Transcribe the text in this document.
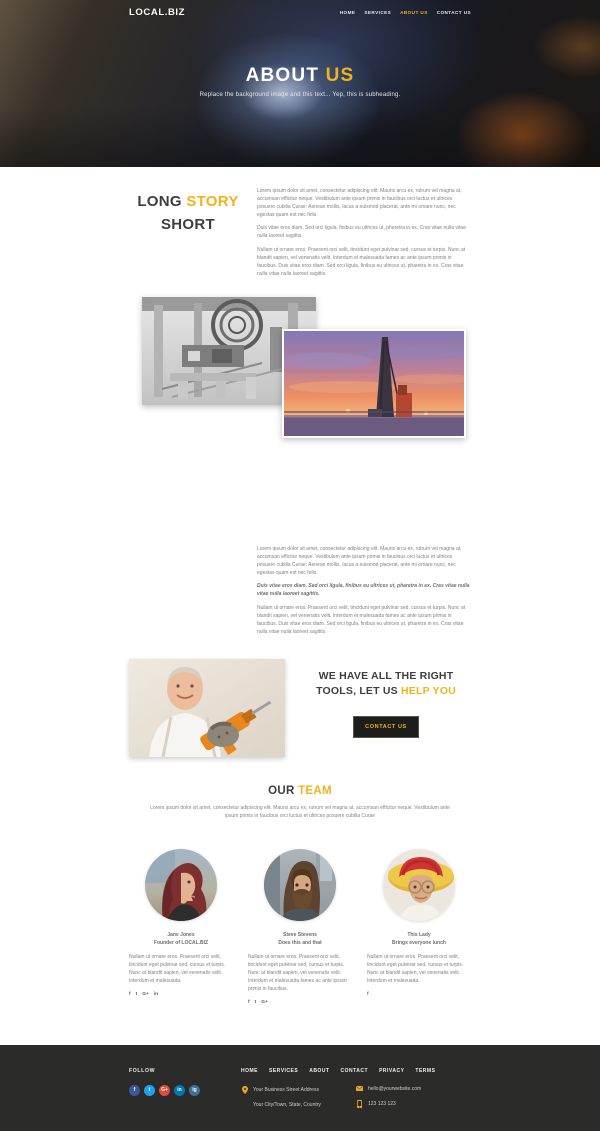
LOCAL.BIZ	HOME SERVICES ABOUT US CONTACT US
ABOUT US
Replace the background image and this text... Yep, this is subheading.
LONG STORY
SHORT

Lorem ipsum dolor sit amet, consectetur adipiscing elit. Mauris arcu ex, rutrum vel magna at, accumsan efficitur neque. Vestibulum ante ipsum primis in faucibus orci luctus et ultrices posuere cubilia Curae; Aenean mollis, lacus a euismod placerat, ante mi ornare nunc, nec egestas quam est nec felis.

Duis vitae eros diam. Sed orci ligula, finibus eu ultrices ut, pharetra in ex. Cras vitae nulla vitae nulla laoreet sagittis.

Nullam ut ornare eros. Praesent orci velit, tincidunt eget pulvinar sed, cursus et turpis. Nunc at blandit sapien, vel venenatis velit. Interdum et malesuada fames ac ante ipsum primis in faucibus. Duis vitae eros diam. Sed orci ligula, finibus eu ultrices ut, pharetra in ex. Cras vitae nulla vitae nulla laoreet sagittis.

Lorem ipsum dolor sit amet, consectetur adipiscing elit. Mauris arcu ex, rutrum vel magna at, accumsan efficitur neque. Vestibulum ante ipsum primis in faucibus orci luctus et ultrices posuere cubilia Curae; Aenean mollis, lacus a euismod placerat, ante mi ornare nunc, nec egestas quam est nec felis.

Duis vitae eros diam. Sed orci ligula, finibus eu ultrices ut, pharetra in ex. Cras vitae nulla vitae nulla laoreet sagittis.

Nullam ut ornare eros. Praesent orci velit, tincidunt eget pulvinar sed, cursus et turpis. Nunc at blandit sapien, vel venenatis velit. Interdum et malesuada fames ac ante ipsum primis in faucibus. Duis vitae eros diam. Sed orci ligula, finibus eu ultrices ut, pharetra in ex. Cras vitae nulla vitae nulla laoreet sagittis.

WE HAVE ALL THE RIGHT TOOLS, LET US HELP YOU
CONTACT US
OUR TEAM

Lorem ipsum dolor sit amet, consectetur adipiscing elit. Mauris arcu ex, rutrum vel magna at, accumsan efficitur neque. Vestibulum ante ipsum primis in faucibus orci luctus et ultrices posuere cubilia Curae

Jane Jones
Founder of LOCAL.BIZ

Nullam ut ornare eros. Praesent orci velit, tincidunt eget pulvinar sed, cursus et turpis. Nunc at blandit sapien, vel venenatis velit. Interdum et malesuada.

f t G+ in
Steve Stevens
Does this and that

Nullam ut ornare eros. Praesent orci velit, tincidunt eget pulvinar sed, cursus et turpis. Nunc at blandit sapien, vel venenatis velit. Interdum et malesuada fames ac ante ipsum primis in faucibus.

f t G+
This Lady
Brings everyone lunch

Nullam ut ornare eros. Praesent orci velit, tincidunt eget pulvinar sed, cursus et turpis. Nunc at blandit sapien, vel venenatis velit. Interdum et malesuada.

f
FOLLOW
f	t	G+	in	ig
HOME SERVICES ABOUT CONTACT PRIVACY TERMS
Your Business Street Address
Your City/Town, State, Country
hello@yourwebsite.com
123 123 123
